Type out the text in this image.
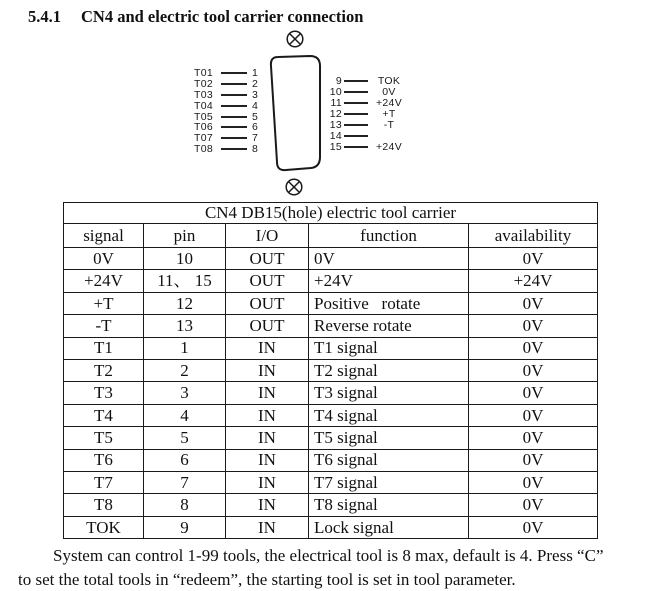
5.4.1 CN4 and electric tool carrier connection
T01	1
T02	2
T03	3
T04	4
T05	5
T06	6
T07	7
T08	8
9	TOK
10	0V
11	+24V
12	+T
13	-T
14
15	+24V
CN4 DB15(hole) electric tool carrier				
signal	pin	I/O	function	availability
0V	10	OUT	0V	0V
+24V	11、 15	OUT	+24V	+24V
+T	12	OUT	Positive   rotate	0V
-T	13	OUT	Reverse rotate	0V
T1	1	IN	T1 signal	0V
T2	2	IN	T2 signal	0V
T3	3	IN	T3 signal	0V
T4	4	IN	T4 signal	0V
T5	5	IN	T5 signal	0V
T6	6	IN	T6 signal	0V
T7	7	IN	T7 signal	0V
T8	8	IN	T8 signal	0V
TOK	9	IN	Lock signal	0V
System can control 1-99 tools, the electrical tool is 8 max, default is 4. Press “C”
to set the total tools in “redeem”, the starting tool is set in tool parameter.
